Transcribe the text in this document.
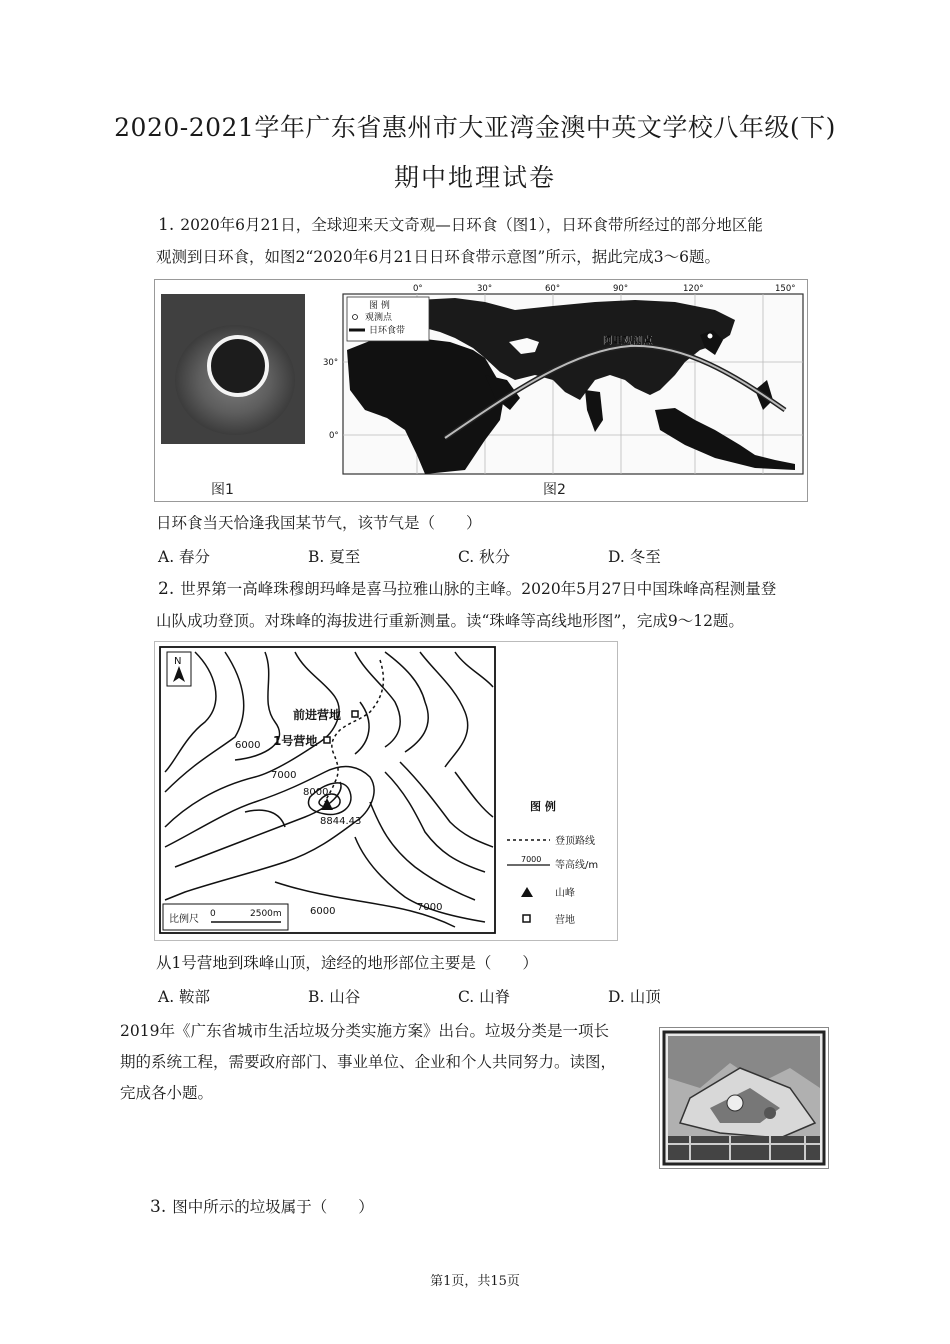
2020-2021学年广东省惠州市大亚湾金澳中英文学校八年级(下)
期中地理试卷
1. 2020年6月21日，全球迎来天文奇观—日环食（图1），日环食带所经过的部分地区能
观测到日环食，如图2“2020年6月21日日环食带示意图”所示，据此完成3～6题。
图1
阿里观测点
图 例
观测点
日环食带
0°	30°	60°	90°	120°	150°
30°
0°
图2
日环食当天恰逢我国某节气，该节气是（　　）
A. 春分	B. 夏至	C. 秋分	D. 冬至
2. 世界第一高峰珠穆朗玛峰是喜马拉雅山脉的主峰。2020年5月27日中国珠峰高程测量登
山队成功登顶。对珠峰的海拔进行重新测量。读“珠峰等高线地形图”，完成9～12题。
N
前进营地
1号营地
6000
7000
8000
8844.43
6000	7000
比例尺 0	2500m
图 例
登顶路线
7000
等高线/m
山峰
营地
从1号营地到珠峰山顶，途经的地形部位主要是（　　）
A. 鞍部	B. 山谷	C. 山脊	D. 山顶
2019年《广东省城市生活垃圾分类实施方案》出台。垃圾分类是一项长
期的系统工程，需要政府部门、事业单位、企业和个人共同努力。读图，
完成各小题。
3. 图中所示的垃圾属于（　　）
第1页，共15页
